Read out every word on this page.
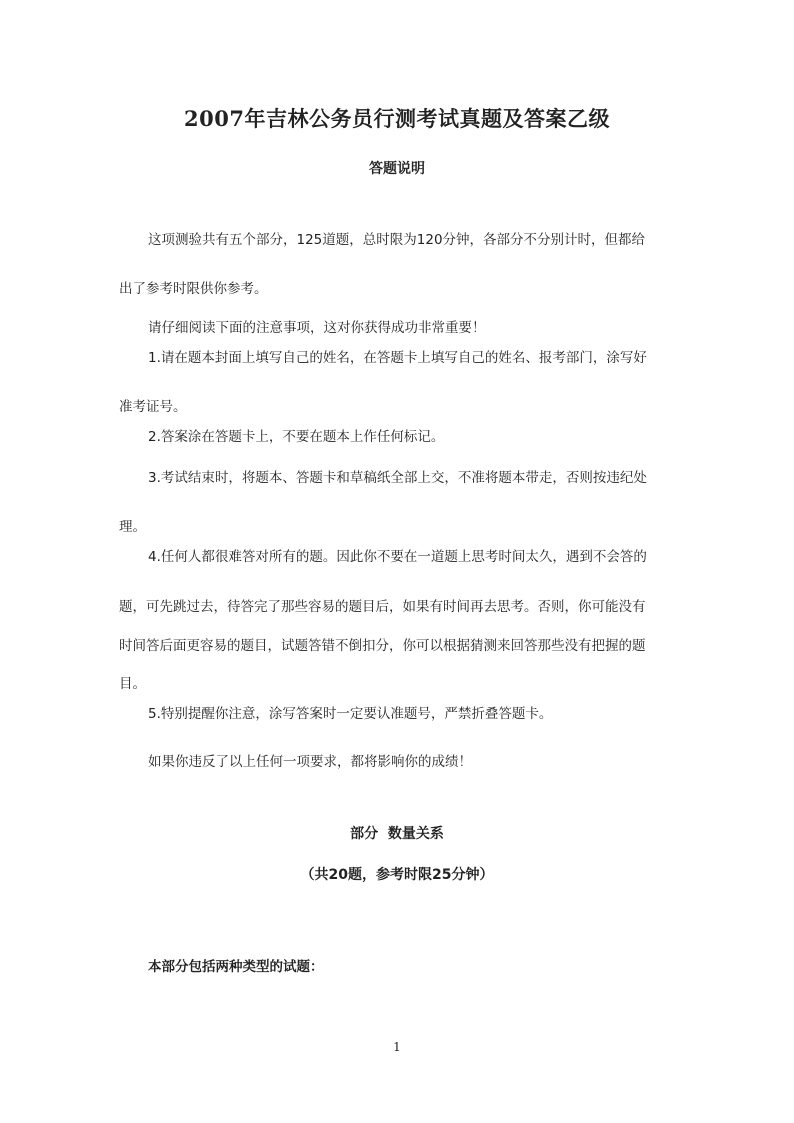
2007年吉林公务员行测考试真题及答案乙级
答题说明
这项测验共有五个部分，125道题，总时限为120分钟，各部分不分别计时，但都给
出了参考时限供你参考。
请仔细阅读下面的注意事项，这对你获得成功非常重要！
1.请在题本封面上填写自己的姓名，在答题卡上填写自己的姓名、报考部门，涂写好
准考证号。
2.答案涂在答题卡上，不要在题本上作任何标记。
3.考试结束时，将题本、答题卡和草稿纸全部上交，不准将题本带走，否则按违纪处
理。
4.任何人都很难答对所有的题。因此你不要在一道题上思考时间太久，遇到不会答的
题，可先跳过去，待答完了那些容易的题目后，如果有时间再去思考。否则，你可能没有
时间答后面更容易的题目，试题答错不倒扣分，你可以根据猜测来回答那些没有把握的题
目。
5.特别提醒你注意，涂写答案时一定要认准题号，严禁折叠答题卡。
如果你违反了以上任何一项要求，都将影响你的成绩！
部分  数量关系
（共20题，参考时限25分钟）
本部分包括两种类型的试题：
1
